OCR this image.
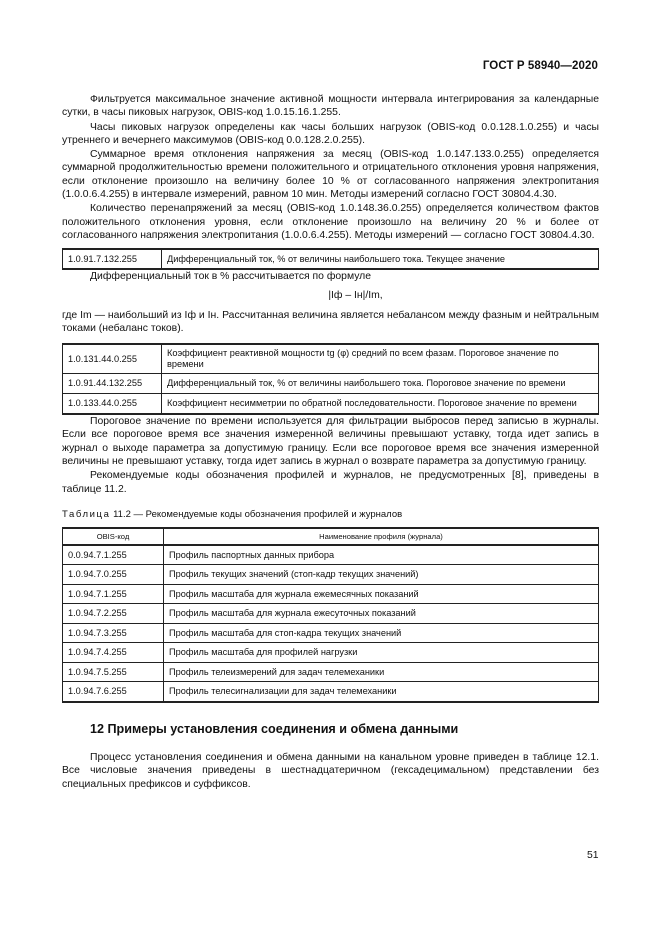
ГОСТ Р 58940—2020

Фильтруется максимальное значение активной мощности интервала интегрирования за календарные сутки, в часы пиковых нагрузок, OBIS-код 1.0.15.16.1.255.

Часы пиковых нагрузок определены как часы больших нагрузок (OBIS-код 0.0.128.1.0.255) и часы утреннего и вечернего максимумов (OBIS-код 0.0.128.2.0.255).

Суммарное время отклонения напряжения за месяц (OBIS-код 1.0.147.133.0.255) определяется суммарной продолжительностью времени положительного и отрицательного отклонения уровня напряжения, если отклонение произошло на величину более 10 % от согласованного напряжения электропитания (1.0.0.6.4.255) в интервале измерений, равном 10 мин. Методы измерений согласно ГОСТ 30804.4.30.

Количество перенапряжений за месяц (OBIS-код 1.0.148.36.0.255) определяется количеством фактов положительного отклонения уровня, если отклонение произошло на величину 20 % и более от согласованного напряжения электропитания (1.0.0.6.4.255). Методы измерений — согласно ГОСТ 30804.4.30.

1.0.91.7.132.255	Дифференциальный ток, % от величины наибольшего тока. Текущее значение

Дифференциальный ток в % рассчитывается по формуле

|Iф – Iн|/Im,

где Im — наибольший из Iф и Iн. Рассчитанная величина является небалансом между фазным и нейтральным токами (небаланс токов).

1.0.131.44.0.255	Коэффициент реактивной мощности tg (φ) средний по всем фазам. Пороговое значение по времени
1.0.91.44.132.255	Дифференциальный ток, % от величины наибольшего тока. Пороговое значение по времени
1.0.133.44.0.255	Коэффициент несимметрии по обратной последовательности. Пороговое значение по времени

Пороговое значение по времени используется для фильтрации выбросов перед записью в журналы. Если все пороговое время все значения измеренной величины превышают уставку, тогда идет запись в журнал о выходе параметра за допустимую границу. Если все пороговое время все значения измеренной величины не превышают уставку, тогда идет запись в журнал о возврате параметра за допустимую границу.

Рекомендуемые коды обозначения профилей и журналов, не предусмотренных [8], приведены в таблице 11.2.

Таблица 11.2 — Рекомендуемые коды обозначения профилей и журналов
OBIS-код	Наименование профиля (журнала)
0.0.94.7.1.255	Профиль паспортных данных прибора
1.0.94.7.0.255	Профиль текущих значений (стоп-кадр текущих значений)
1.0.94.7.1.255	Профиль масштаба для журнала ежемесячных показаний
1.0.94.7.2.255	Профиль масштаба для журнала ежесуточных показаний
1.0.94.7.3.255	Профиль масштаба для стоп-кадра текущих значений
1.0.94.7.4.255	Профиль масштаба для профилей нагрузки
1.0.94.7.5.255	Профиль телеизмерений для задач телемеханики
1.0.94.7.6.255	Профиль телесигнализации для задач телемеханики
12 Примеры установления соединения и обмена данными

Процесс установления соединения и обмена данными на канальном уровне приведен в таблице 12.1. Все числовые значения приведены в шестнадцатеричном (гексадецимальном) представлении без специальных префиксов и суффиксов.

51
